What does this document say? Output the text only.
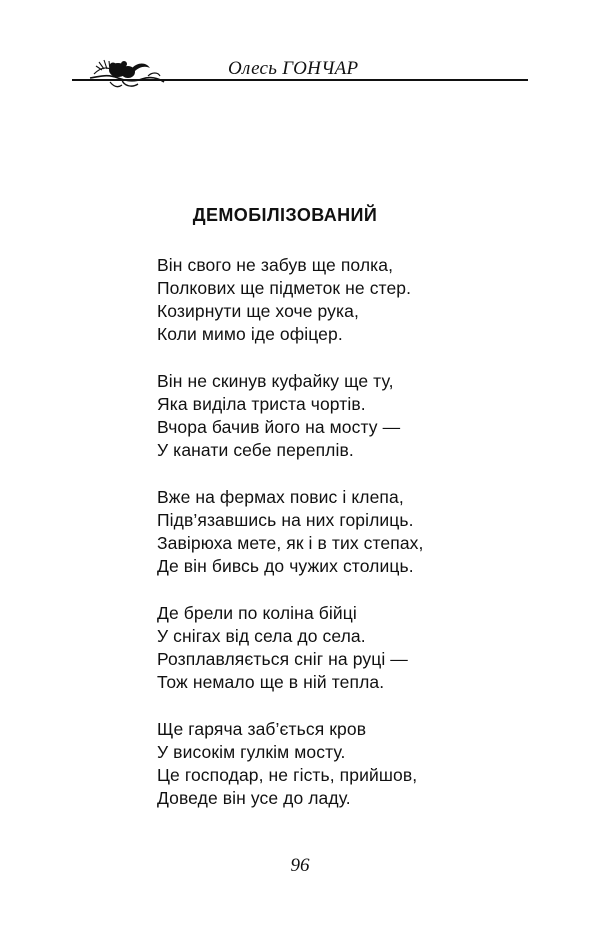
Олесь ГОНЧАР
ДЕМОБІЛІЗОВАНИЙ
Він свого не забув ще полка,
Полкових ще підметок не стер.
Козирнути ще хоче рука,
Коли мимо іде офіцер.
Він не скинув куфайку ще ту,
Яка виділа триста чортів.
Вчора бачив його на мосту —
У канати себе переплів.
Вже на фермах повис і клепа,
Підв’язавшись на них горілиць.
Завірюха мете, як і в тих степах,
Де він бивсь до чужих столиць.
Де брели по коліна бійці
У снігах від села до села.
Розплавляється сніг на руці —
Тож немало ще в ній тепла.
Ще гаряча заб’ється кров
У високім гулкім мосту.
Це господар, не гість, прийшов,
Доведе він усе до ладу.
96
